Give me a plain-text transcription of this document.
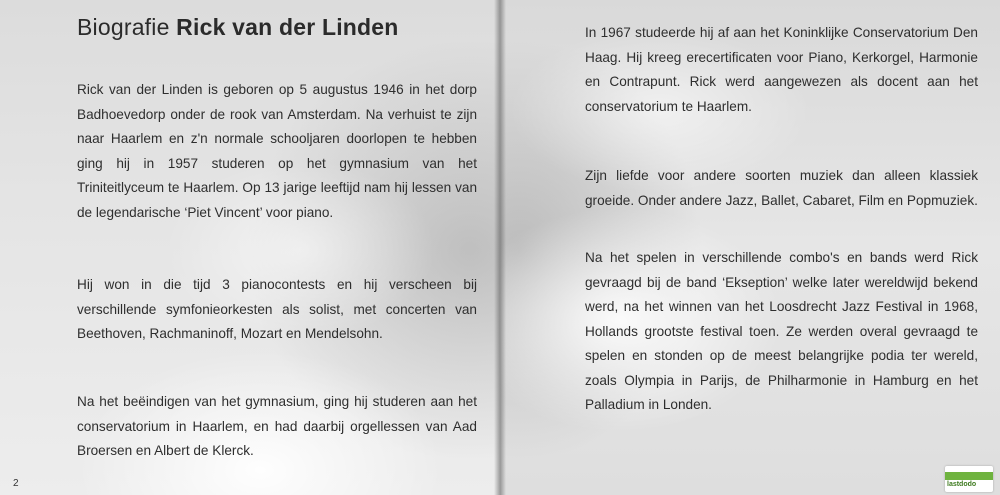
Biografie Rick van der Linden

Rick van der Linden is geboren op 5 augustus 1946 in het dorp Badhoevedorp onder de rook van Amsterdam. Na verhuist te zijn naar Haarlem en z'n normale schooljaren doorlopen te hebben ging hij in 1957 studeren op het gymnasium van het Triniteitlyceum te Haarlem. Op 13 jarige leeftijd nam hij lessen van de legendarische ‘Piet Vincent’ voor piano.

Hij won in die tijd 3 pianocontests en hij verscheen bij verschillende symfonieorkesten als solist, met concerten van Beethoven, Rachmaninoff, Mozart en Mendelsohn.

Na het beëindigen van het gymnasium, ging hij studeren aan het conservatorium in Haarlem, en had daarbij orgellessen van Aad Broersen en Albert de Klerck.

2

In 1967 studeerde hij af aan het Koninklijke Conservatorium Den Haag. Hij kreeg erecertificaten voor Piano, Kerkorgel, Harmonie en Contrapunt. Rick werd aangewezen als docent aan het conservatorium te Haarlem.

Zijn liefde voor andere soorten muziek dan alleen klassiek groeide. Onder andere Jazz, Ballet, Cabaret, Film en Popmuziek.

Na het spelen in verschillende combo's en bands werd Rick gevraagd bij de band ‘Ekseption’ welke later wereldwijd bekend werd, na het winnen van het Loosdrecht Jazz Festival in 1968, Hollands grootste festival toen. Ze werden overal gevraagd te spelen en stonden op de meest belangrijke podia ter wereld, zoals Olympia in Parijs, de Philharmonie in Hamburg en het Palladium in Londen.

lastdodo
